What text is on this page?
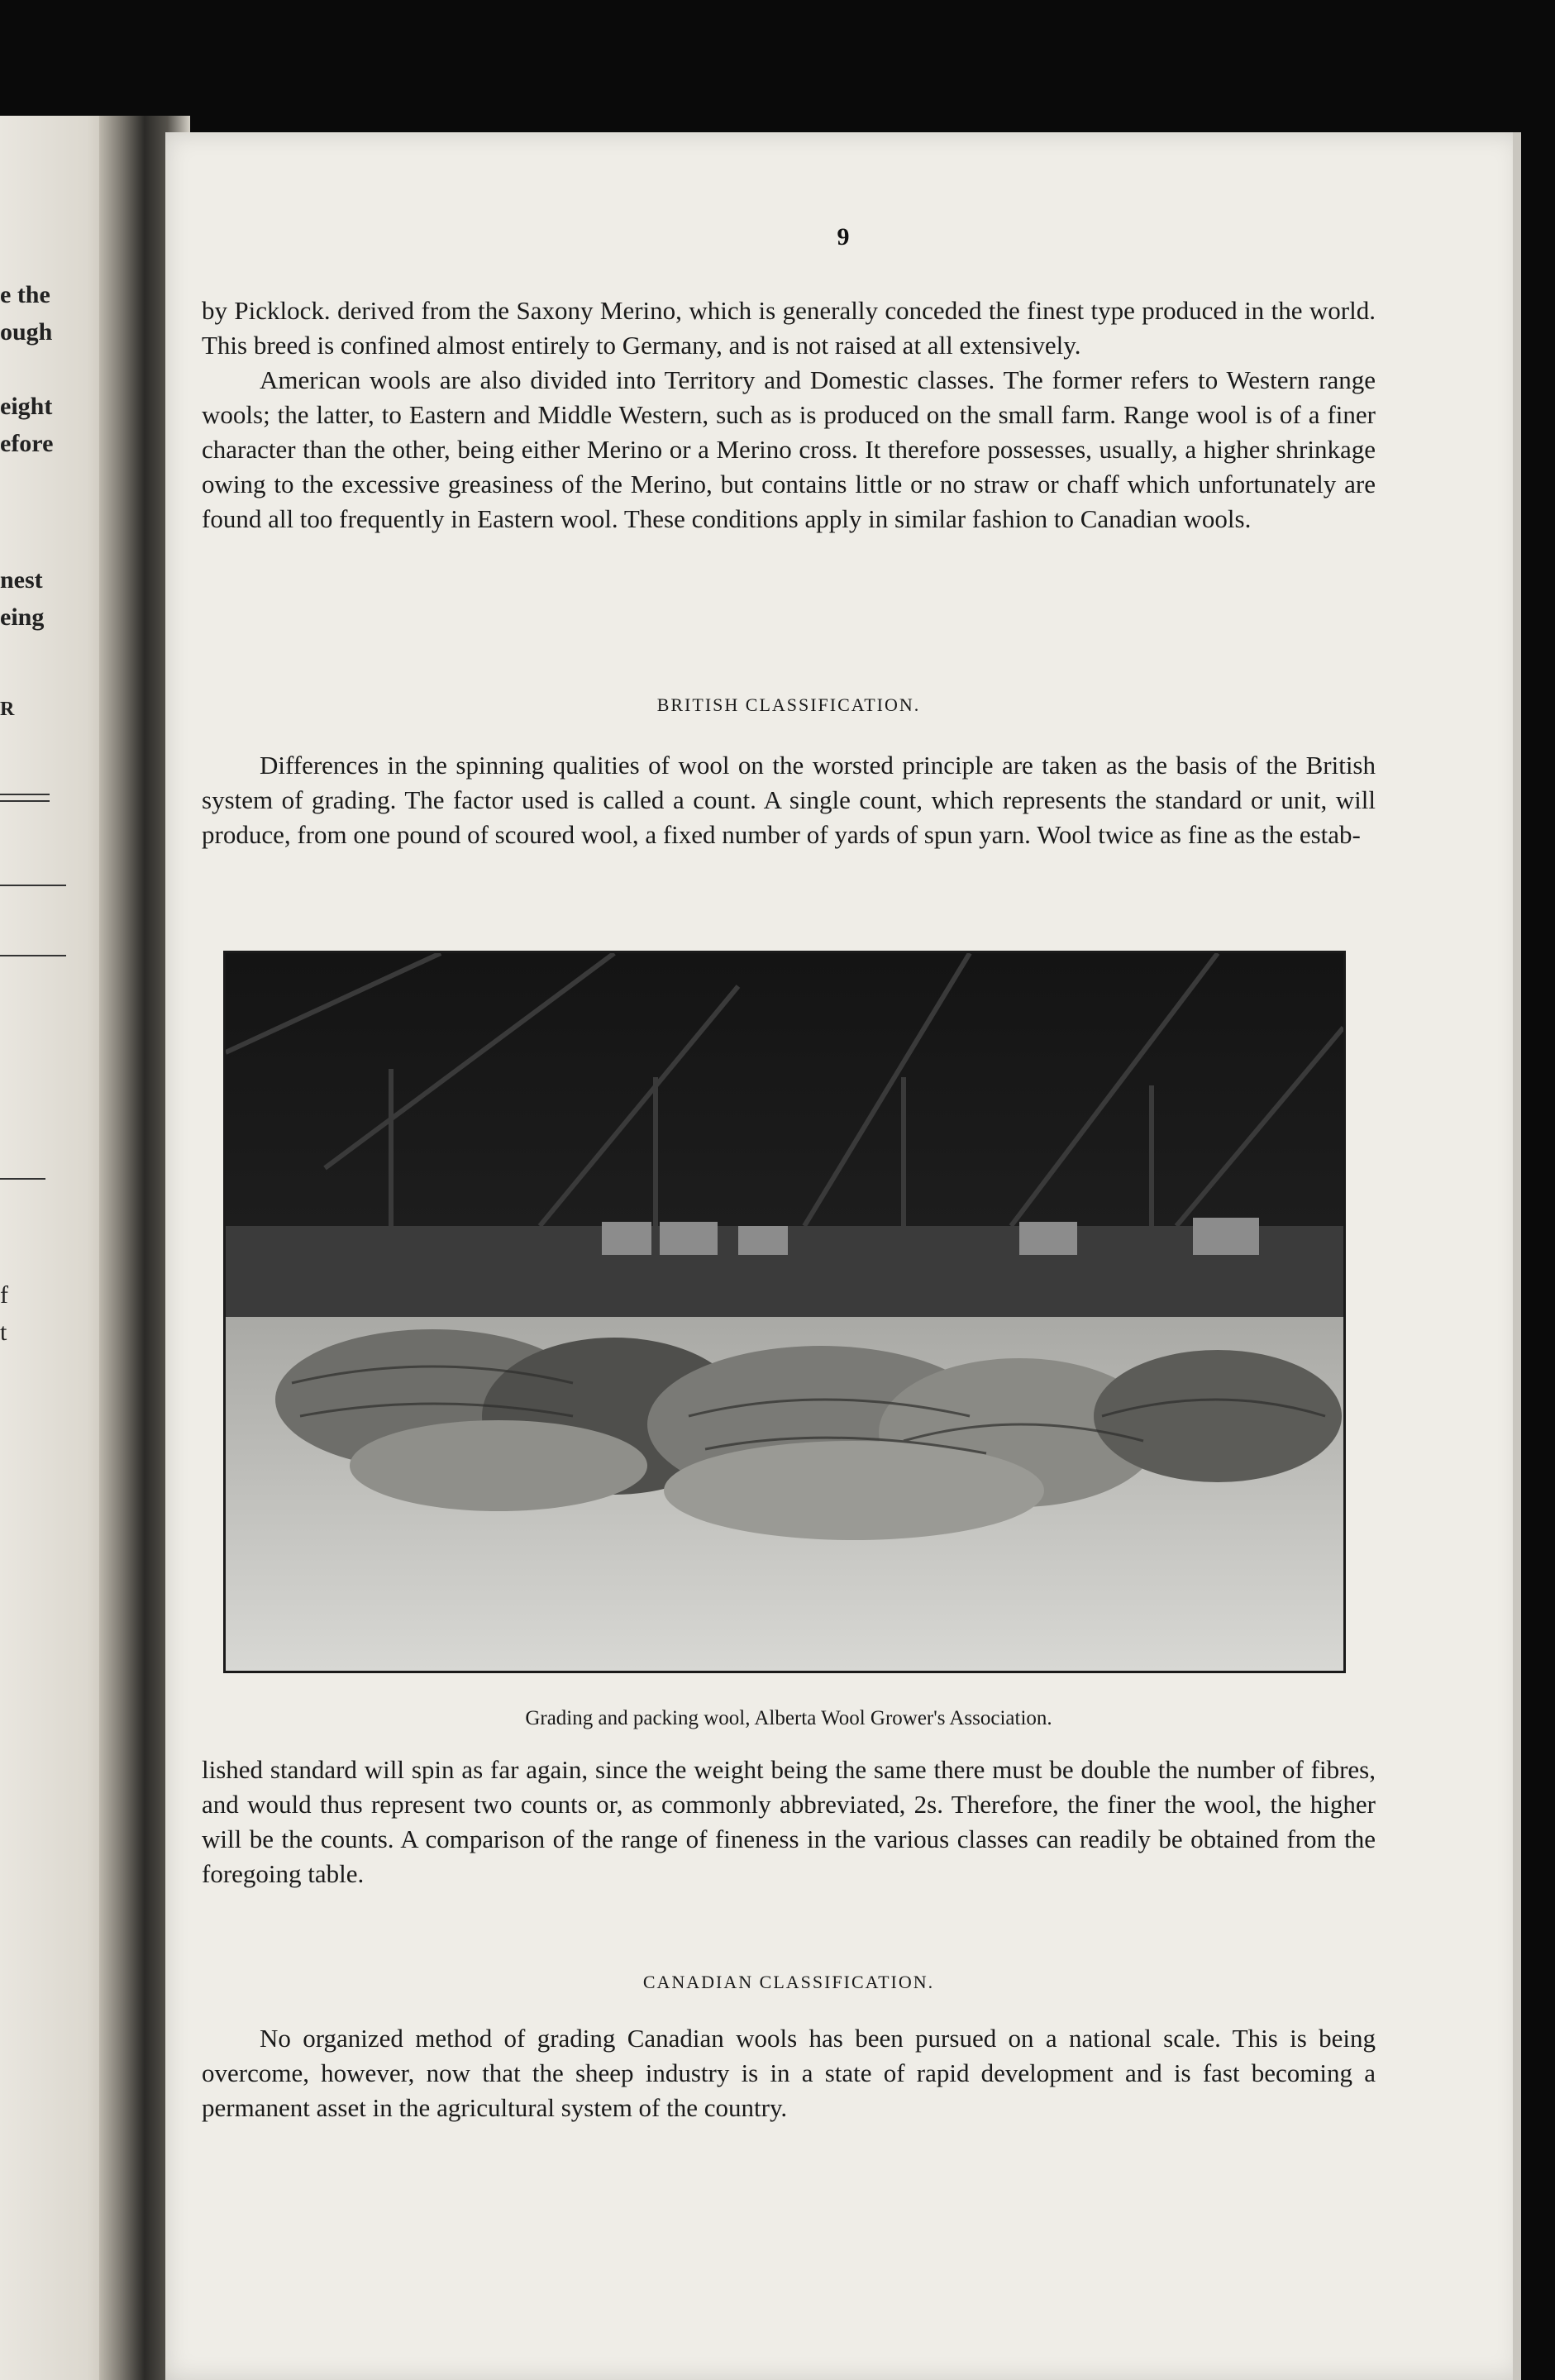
e the
ough
eight
efore
nest
eing
R
f
t
9

by Picklock. derived from the Saxony Merino, which is generally conceded the finest type produced in the world. This breed is confined almost entirely to Germany, and is not raised at all extensively.

American wools are also divided into Territory and Domestic classes. The former refers to Western range wools; the latter, to Eastern and Middle Western, such as is produced on the small farm. Range wool is of a finer character than the other, being either Merino or a Merino cross. It therefore possesses, usually, a higher shrinkage owing to the excessive greasiness of the Merino, but contains little or no straw or chaff which unfortunately are found all too frequently in Eastern wool. These conditions apply in similar fashion to Canadian wools.

BRITISH CLASSIFICATION.

Differences in the spinning qualities of wool on the worsted principle are taken as the basis of the British system of grading. The factor used is called a count. A single count, which represents the standard or unit, will produce, from one pound of scoured wool, a fixed number of yards of spun yarn. Wool twice as fine as the estab-

Grading and packing wool, Alberta Wool Grower's Association.

lished standard will spin as far again, since the weight being the same there must be double the number of fibres, and would thus represent two counts or, as commonly abbreviated, 2s. Therefore, the finer the wool, the higher will be the counts. A comparison of the range of fineness in the various classes can readily be obtained from the foregoing table.

CANADIAN CLASSIFICATION.

No organized method of grading Canadian wools has been pursued on a national scale. This is being overcome, however, now that the sheep industry is in a state of rapid development and is fast becoming a permanent asset in the agricultural system of the country.
